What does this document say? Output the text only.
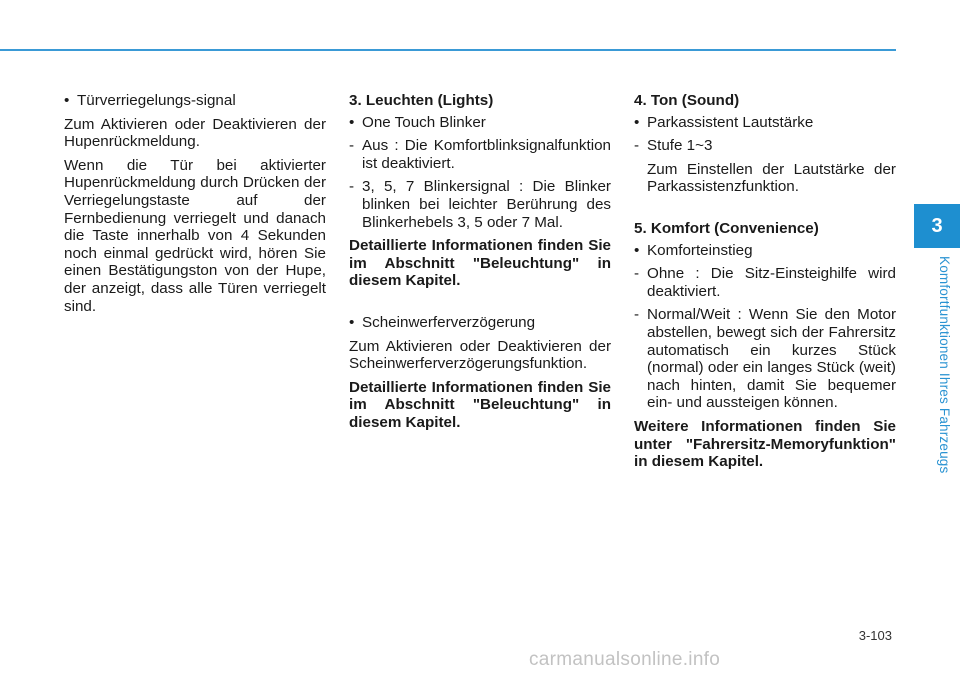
• Türverriegelungs-signal

Zum Aktivieren oder Deaktivieren der Hupenrückmeldung.

Wenn die Tür bei aktivierter Hupenrückmeldung durch Drücken der Verriegelungstaste auf der Fernbedienung verriegelt und danach die Taste innerhalb von 4 Sekunden noch einmal gedrückt wird, hören Sie einen Bestätigungston von der Hupe, der anzeigt, dass alle Türen verriegelt sind.

3. Leuchten (Lights)

• One Touch Blinker
- Aus : Die Komfortblinksignalfunktion ist deaktiviert.
- 3, 5, 7 Blinkersignal : Die Blinker blinken bei leichter Berührung des Blinkerhebels 3, 5 oder 7 Mal.

Detaillierte Informationen finden Sie im Abschnitt "Beleuchtung" in diesem Kapitel.

• Scheinwerferverzögerung

Zum Aktivieren oder Deaktivieren der Scheinwerferverzögerungsfunktion.

Detaillierte Informationen finden Sie im Abschnitt "Beleuchtung" in diesem Kapitel.

4. Ton (Sound)

• Parkassistent Lautstärke
- Stufe 1~3

Zum Einstellen der Lautstärke der Parkassistenzfunktion.

5. Komfort (Convenience)

• Komforteinstieg
- Ohne : Die Sitz-Einsteighilfe wird deaktiviert.
- Normal/Weit : Wenn Sie den Motor abstellen, bewegt sich der Fahrersitz automatisch ein kurzes Stück (normal) oder ein langes Stück (weit) nach hinten, damit Sie bequemer ein- und aussteigen können.

Weitere Informationen finden Sie unter "Fahrersitz-Memoryfunktion" in diesem Kapitel.

3
Komfortfunktionen Ihres Fahrzeugs
3-103
carmanualsonline.info
